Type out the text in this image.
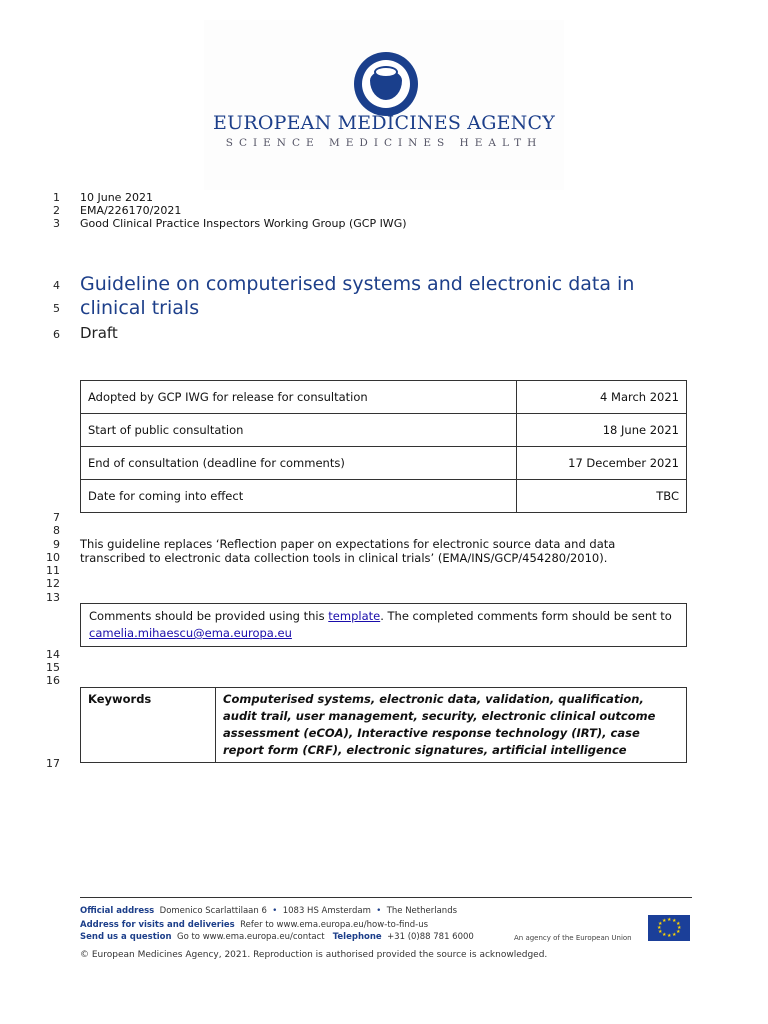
EUROPEAN MEDICINES AGENCY
SCIENCE MEDICINES HEALTH
1
2
3
4
5
6
7
8
9
10
11
12
13
14
15
16
17
10 June 2021
EMA/226170/2021
Good Clinical Practice Inspectors Working Group (GCP IWG)
Guideline on computerised systems and electronic data in
clinical trials
Draft
Adopted by GCP IWG for release for consultation	4 March 2021
Start of public consultation	18 June 2021
End of consultation (deadline for comments)	17 December 2021
Date for coming into effect	TBC
This guideline replaces ‘Reflection paper on expectations for electronic source data and data
transcribed to electronic data collection tools in clinical trials’ (EMA/INS/GCP/454280/2010).
Comments should be provided using this template. The completed comments form should be sent to
camelia.mihaescu@ema.europa.eu
Keywords	Computerised systems, electronic data, validation, qualification,
audit trail, user management, security, electronic clinical outcome
assessment (eCOA), Interactive response technology (IRT), case
report form (CRF), electronic signatures, artificial intelligence
Official address Domenico Scarlattilaan 6  •  1083 HS Amsterdam  •  The Netherlands
Address for visits and deliveries Refer to www.ema.europa.eu/how-to-find-us
Send us a question Go to www.ema.europa.eu/contact Telephone +31 (0)88 781 6000	An agency of the European Union
★ ★ ★
★
★
★
★
★
★
★
★ ★
© European Medicines Agency, 2021. Reproduction is authorised provided the source is acknowledged.
